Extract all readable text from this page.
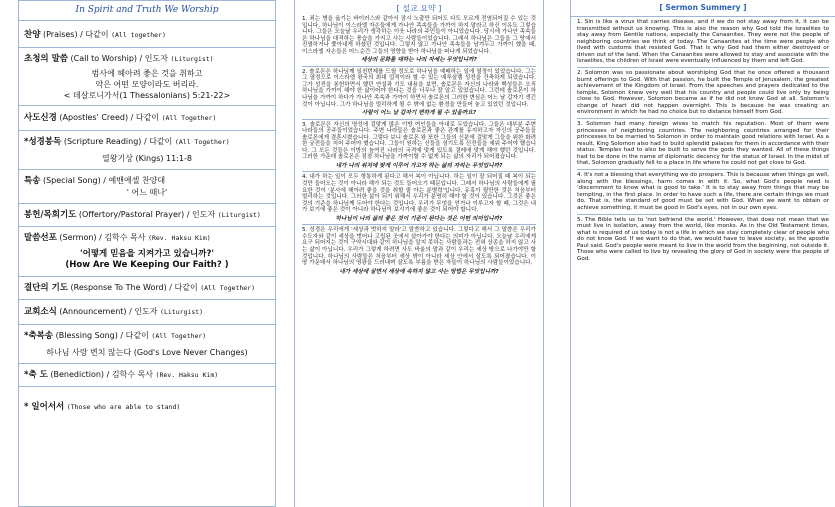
In Spirit and Truth We Worship
찬양 (Praises) / 다같이 (All together)
초청의 말씀 (Call to Worship) / 인도자 (Liturgist)
범사에 헤아려 좋은 것을 취하고
악은 어떤 모양이라도 버리라.
< 데살로니가서(1 Thessalonians) 5:21-22>
사도신경 (Apostles' Creed) / 다같이 (All Together)
*성경봉독 (Scripture Reading) / 다같이 (All Together)
열왕기상 (Kings) 11:1-8
특송 (Special Song) / 예밴에셀 찬양대
' 어느 때나'
봉헌/목회기도 (Offertory/Pastoral Prayer) / 인도자 (Liturgist)
말씀선포 (Sermon) / 김학수 목사 (Rev. Haksu Kim)
'어떻게 믿음을 지켜가고 있습니까?'
(How Are We Keeping Our Faith? )
결단의 기도 (Response To The Word) / 다같이 (All Together)
교회소식 (Announcement) / 인도자 (Liturgist)
*축복송 (Blessing Song) / 다같이 (All Together)
하나님 사랑 변치 않는다 (God's Love Never Changes)
*축 도 (Benediction) / 김학수 목사 (Rev. Haksu Kim)
* 일어서서 (Those who are able to stand)
[ 설교 요약 ]

1. 죄는 병을 옮기는 바이러스와 같아서 잠시 노출만 되어도 다도 모르게 전염되어질 수 있는 것입니다. 하나님이 이스라엘 자손들에게 가나안 족속들을 가까이 하지 말라고 하신 이유도 그렇습니다. 그들은 오늘날 우리가 생각하는 이웃 나라의 주민들이 아니었습니다. 당시에 가나안 족속들은 하나님을 대적하는 풍습을 가지고 사는 사람들이었습니다. 그래서 하나님은 그들을 그 땅에서 진멸하거나 쫓아내게 하셨던 것입니다. 그렇지 않고 가나안 족속들을 남겨두고 가까이 했을 때, 이스라엘 자손들은 어느순간 그들의 영향을 받아 하나님을 떠나게 되었습니다.

세상의 문화를 대하는 나의 자세는 무엇입니까?

2. 솔로몬은 하나님께 일천번제를 드릴 정도로 하나님을 예배하는 일에 열정이 있었습니다. 그는 그 열정으로 이스라엘 왕국의 최대 업적이라 할 수 있는 예루살렘 성전을 건축하게 되었습니다. 그가 성전을 봉헌하면서 했던 연설과 기도 내용을 보면, 솔로몬은 자신의 나라와 백성들은 오직 하나님을 가까이 해야 한 삶이어야 한다는 것을 너무나 잘 알고 있었습니다. 그런데 솔로몬이 하나님을 가까이 하다가 가나안 족속과 가까이 하면서 솔로몬의 그러한 변심은 어느 날 갑자기 생긴 것이 아닙니다. 그가 하나님을 멀리하게 될 수 밖에 없는 환경을 만들어 놓고 있었던 것입니다.

사람이 어느 날 갑자기 변하게 될 수 있을까요?

3. 솔로몬은 자신의 명성에 걸맞게 많은 이방 여인들을 아내로 두었습니다. 그들은 대부분 주변 나라들의 공주들이었습니다. 주변 나라들은 솔로몬과 좋은 관계를 유지하고자 자신의 공주들을 솔로몬에게 결혼시켰습니다. 그렇다 보니 솔로몬 왕 또한 그들의 신분에 걸맞게 그들을 위한 화려한 궁전들을 지어 주어야 했습니다. 그들이 원하는 신들을 섬기도록 신전들을 세워 주어야 했습니다. 그 모든 것들은 이방의 높여진 나라의 국격에 맞게 있도록 결레에 맞게 해야 했던 것입니다. 그러한 가운데 솔로몬은 점점 하나님을 가까이할 수 없게 되는 삶의 자리가 되어졌습니다.

내가 나의 위치에 맞게 이루어 가고자 하는 삶의 자리는 무엇입니까?

4. 내가 하는 일이 모두 형통하게 된다고 해서 복이 아닙니다. 하는 일이 잘 되어질 때 복이 되는 것만 들어오는 것이 아니라 해가 되는 것도 들어오기 때문입니다. 그래서 하나님의 사람들에게 필요한 것이 '분사에 헤아려 좋을 것을 취할 줄 아는 분별력'입니다. 유혹이 될만한 것은 처음부터 멀리하는 것입니다. 그러한 삶이 되기 위해서 우리가 분명히 해야 할 것이 있습니다. 그것은 좋은 것의 기준을 하나님께 두어야 한다는 것입니다. 우리가 무엇을 얻거나 이루고자 할 때, 그것은 내가 보기에 좋은 것이 아니라 하나님이 보시기에 좋은 것이 되어야 합니다.

하나님이 나의 삶의 좋은 것이 기준이 된다는 것은 어떤 의미입니까?

5. 성경은 우리에게 '세상과 벗하지 말라'고 말씀하고 있습니다. 그렇다고 해서 그 말씀은 우리가 수도자와 같이 세상을 벗어나 고립된 곳에서 살아가야 한다는 의미가 아닙니다. 오늘날 우리에게 요구 되어지는 것이 구약시대와 같이 하나님을 알지 못하는 사람들과는 전혀 상종을 하지 않고 사는 삶이 아닙니다. 우리가 그렇게 하려면 사도 바울의 말과 같이 우리는 세상 밖으로 나가야만 할 것입니다. 하나님의 사람들은 처음부터 세상 밖이 아니라 세상 안에서 살도록 되어졌습니다. 이 땅 가운데서 하나님의 영광을 드러내며 살도록 부름을 받은 자들이 하나님의 사람들이었습니다.

내가 세상에 살면서 세상에 속하지 않고 사는 방법은 무엇입니까?
[ Sermon Summery ]

1. Sin is like a virus that carries disease, and if we do not stay away from it, it can be transmitted without us knowing. This is also the reason why God told the Israelites to stay away from Gentile nations, especially the Canaanites. They were not the people of neighboring countries we think of today. The Canaanites at the time were people who lived with customs that resisted God. That is why God had them either destroyed or driven out of the land. When the Canaanites were allowed to stay and associate with the Israelites, the children of Israel were eventually influenced by them and left God.

2. Solomon was so passionate about worshiping God that he once offered a thousand burnt offerings to God. With that passion, he built the Temple of Jerusalem, the greatest achievement of the Kingdom of Israel. From the speeches and prayers dedicated to the temple, Solomon knew very well that his country and people could live only by being close to God. However, Solomon became as if he did not know God at all. Solomon's change of heart did not happen overnight. This is because he was creating an environment in which he had no choice but to distance himself from God.

3. Solomon had many foreign wives to match his reputation. Most of them were princesses of neighboring countries. The neighboring countries arranged for their princesses to be married to Solomon in order to maintain good relations with Israel. As a result, King Solomon also had to build splendid palaces for them in accordance with their status. Temples had to also be built to serve the gods they wanted. All of these things had to be done in the name of diplomatic decency for the status of Israel. In the midst of that, Solomon gradually fell to a place in life where he could not get close to God.

4. It's not a blessing that everything we do prospers. This is because when things go well, along with the blessings, harm comes in with it. So, what God's people need is 'discernment to know what is good to take.' It is to stay away from things that may be tempting, in the first place. In order to have such a life, there are certain things we must do. That is, the standard of good must be set with God. When we want to obtain or achieve something, it must be good in God's eyes, not in our own eyes.

5. The Bible tells us to 'not befriend the world.' However, that does not mean that we must live in isolation, away from the world, like monks. As in the Old Testament times, what is required of us today is not a life in which we stay completely clear of people who do not know God. If we want to do that, we would have to leave society, as the apostle Paul said. God's people were meant to live in the world from the beginning, not outside it. Those who were called to live by revealing the glory of God in society were the people of God.
